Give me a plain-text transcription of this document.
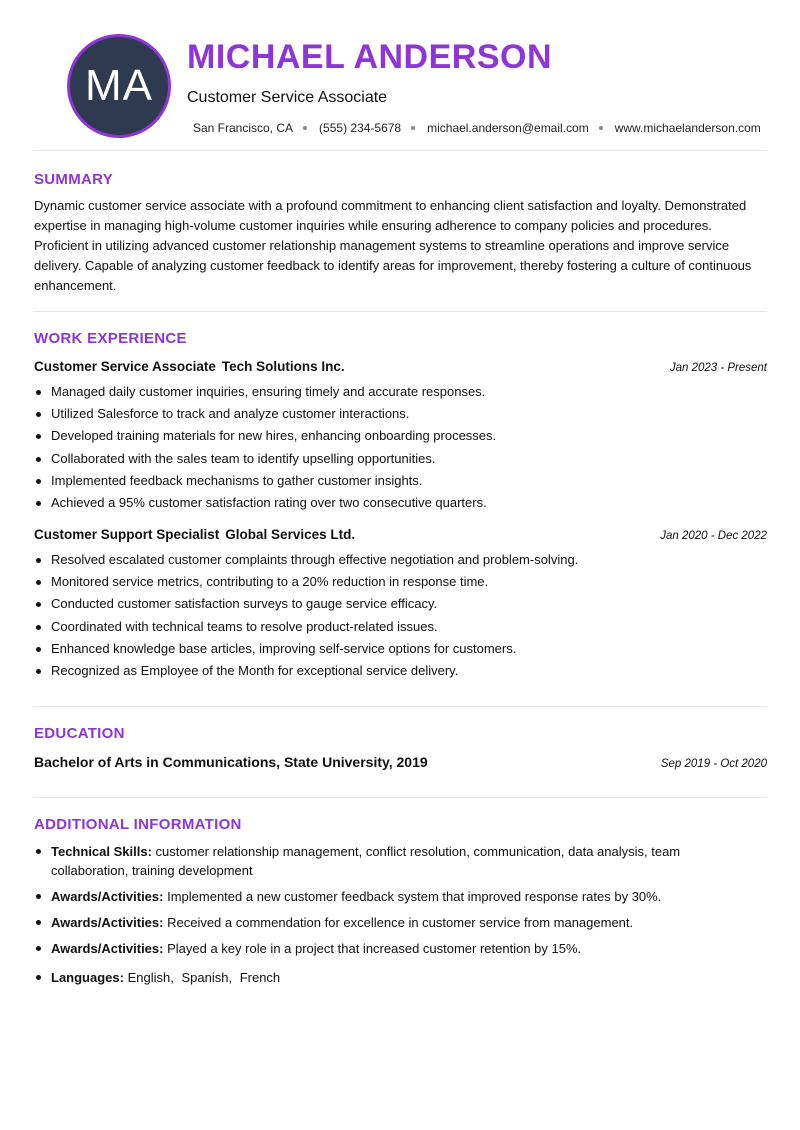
MA
MICHAEL ANDERSON
Customer Service Associate
San Francisco, CA (555) 234-5678 michael.anderson@email.com www.michaelanderson.com
SUMMARY
Dynamic customer service associate with a profound commitment to enhancing client satisfaction and loyalty. Demonstrated expertise in managing high-volume customer inquiries while ensuring adherence to company policies and procedures. Proficient in utilizing advanced customer relationship management systems to streamline operations and improve service delivery. Capable of analyzing customer feedback to identify areas for improvement, thereby fostering a culture of continuous enhancement.
WORK EXPERIENCE
Customer Service Associate Tech Solutions Inc.	Jan 2023 - Present
Managed daily customer inquiries, ensuring timely and accurate responses.
Utilized Salesforce to track and analyze customer interactions.
Developed training materials for new hires, enhancing onboarding processes.
Collaborated with the sales team to identify upselling opportunities.
Implemented feedback mechanisms to gather customer insights.
Achieved a 95% customer satisfaction rating over two consecutive quarters.
Customer Support Specialist Global Services Ltd.	Jan 2020 - Dec 2022
Resolved escalated customer complaints through effective negotiation and problem-solving.
Monitored service metrics, contributing to a 20% reduction in response time.
Conducted customer satisfaction surveys to gauge service efficacy.
Coordinated with technical teams to resolve product-related issues.
Enhanced knowledge base articles, improving self-service options for customers.
Recognized as Employee of the Month for exceptional service delivery.
EDUCATION
Bachelor of Arts in Communications, State University, 2019	Sep 2019 - Oct 2020
ADDITIONAL INFORMATION
Technical Skills: customer relationship management, conflict resolution, communication, data analysis, team collaboration, training development
Awards/Activities: Implemented a new customer feedback system that improved response rates by 30%.
Awards/Activities: Received a commendation for excellence in customer service from management.
Awards/Activities: Played a key role in a project that increased customer retention by 15%.
Languages: English, Spanish, French
